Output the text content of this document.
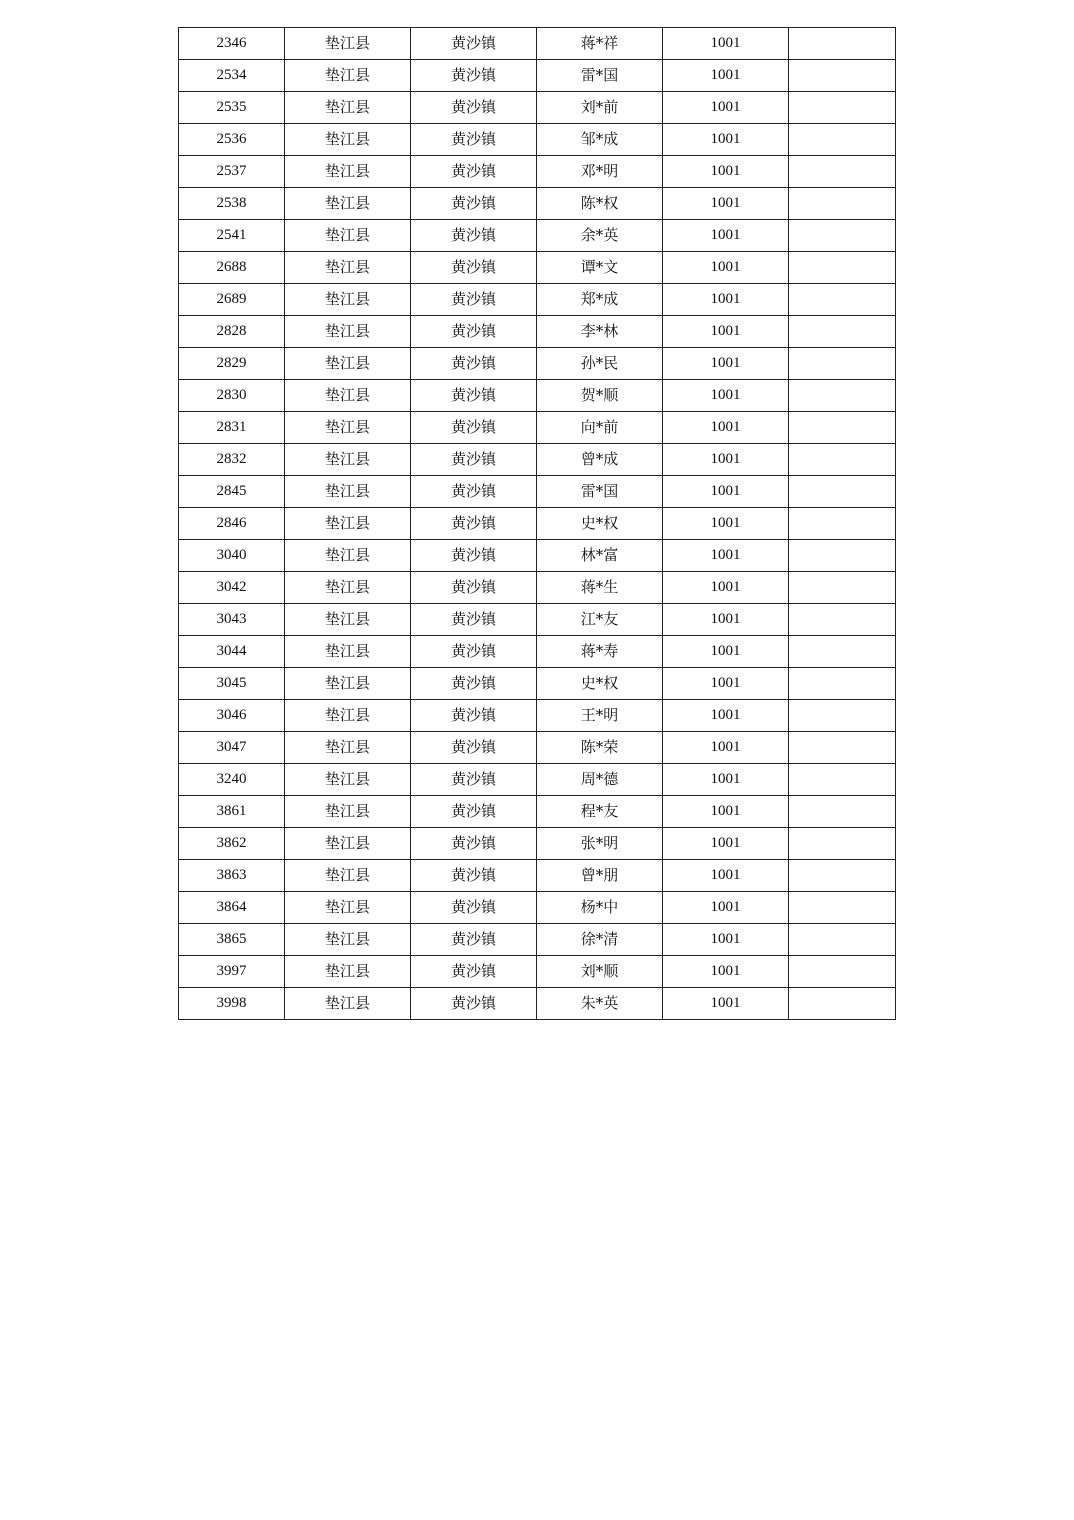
2346	垫江县	黄沙镇	蒋*祥	1001	
2534	垫江县	黄沙镇	雷*国	1001	
2535	垫江县	黄沙镇	刘*前	1001	
2536	垫江县	黄沙镇	邹*成	1001	
2537	垫江县	黄沙镇	邓*明	1001	
2538	垫江县	黄沙镇	陈*权	1001	
2541	垫江县	黄沙镇	余*英	1001	
2688	垫江县	黄沙镇	谭*文	1001	
2689	垫江县	黄沙镇	郑*成	1001	
2828	垫江县	黄沙镇	李*林	1001	
2829	垫江县	黄沙镇	孙*民	1001	
2830	垫江县	黄沙镇	贺*顺	1001	
2831	垫江县	黄沙镇	向*前	1001	
2832	垫江县	黄沙镇	曾*成	1001	
2845	垫江县	黄沙镇	雷*国	1001	
2846	垫江县	黄沙镇	史*权	1001	
3040	垫江县	黄沙镇	林*富	1001	
3042	垫江县	黄沙镇	蒋*生	1001	
3043	垫江县	黄沙镇	江*友	1001	
3044	垫江县	黄沙镇	蒋*寿	1001	
3045	垫江县	黄沙镇	史*权	1001	
3046	垫江县	黄沙镇	王*明	1001	
3047	垫江县	黄沙镇	陈*荣	1001	
3240	垫江县	黄沙镇	周*德	1001	
3861	垫江县	黄沙镇	程*友	1001	
3862	垫江县	黄沙镇	张*明	1001	
3863	垫江县	黄沙镇	曾*朋	1001	
3864	垫江县	黄沙镇	杨*中	1001	
3865	垫江县	黄沙镇	徐*清	1001	
3997	垫江县	黄沙镇	刘*顺	1001	
3998	垫江县	黄沙镇	朱*英	1001	
